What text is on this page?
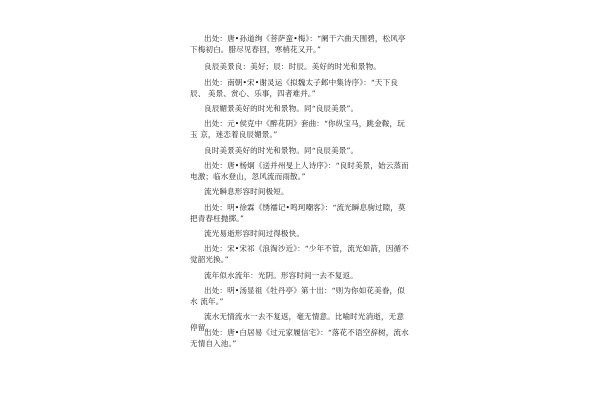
出处：唐•孙道绚《菩萨蛮•梅》：“阑干六曲天围碧，松风亭 下梅初白。腊尽见春回，寒梢花又开。”

良辰美景良：美好；辰：时辰。美好的时光和景物。

出处：南朝•宋•谢灵运《拟魏太子邺中集诗序》：“天下良辰、 美景、赏心、乐事，四者难并。”

良辰媚景美好的时光和景物。同“良辰美景”。

出处：元•侯克中《醉花阴》套曲：“你纵宝马，跳金鞍，玩玉 京，迷恋着良辰媚景。”

良时美景美好的时光和景物。同“良辰美景”。

出处：唐•杨炯《送并州旻上人诗序》：“良时美景，始云蒸而 电激；临水登山，忽风流而雨散。”

流光瞬息形容时间极短。

出处：明•徐霖《绣襦记•鸣珂嘲客》：“流光瞬息驹过隙，莫 把青春枉抛掷。”

流光易逝形容时间过得极快。

出处：宋•宋祁《浪淘沙近》：“少年不管，流光如箭，因循不 觉韶光换。”

流年似水流年：光阴。形容时间一去不复返。

出处：明•汤显祖《牡丹亭》第十出：“则为你如花美眷，似水 流年。”

流水无情流水一去不复返，毫无情意。比喻时光消逝，无意停留。

出处：唐•白居易《过元家履信宅》：“落花不语空辞树，流水 无情自入池。”
